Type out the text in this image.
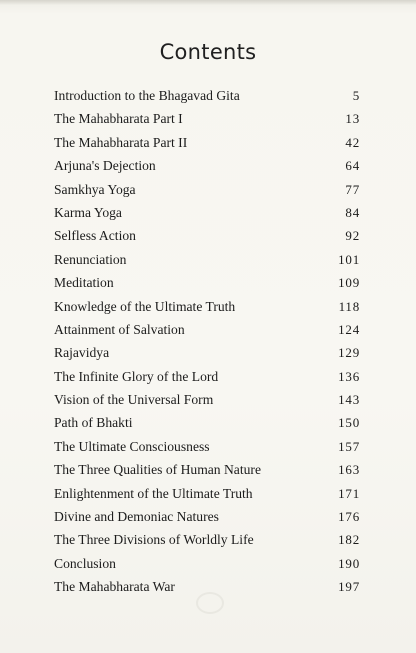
Contents
Introduction to the Bhagavad Gita	5
The Mahabharata Part I	13
The Mahabharata Part II	42
Arjuna's Dejection	64
Samkhya Yoga	77
Karma Yoga	84
Selfless Action	92
Renunciation	101
Meditation	109
Knowledge of the Ultimate Truth	118
Attainment of Salvation	124
Rajavidya	129
The Infinite Glory of the Lord	136
Vision of the Universal Form	143
Path of Bhakti	150
The Ultimate Consciousness	157
The Three Qualities of Human Nature	163
Enlightenment of the Ultimate Truth	171
Divine and Demoniac Natures	176
The Three Divisions of Worldly Life	182
Conclusion	190
The Mahabharata War	197
